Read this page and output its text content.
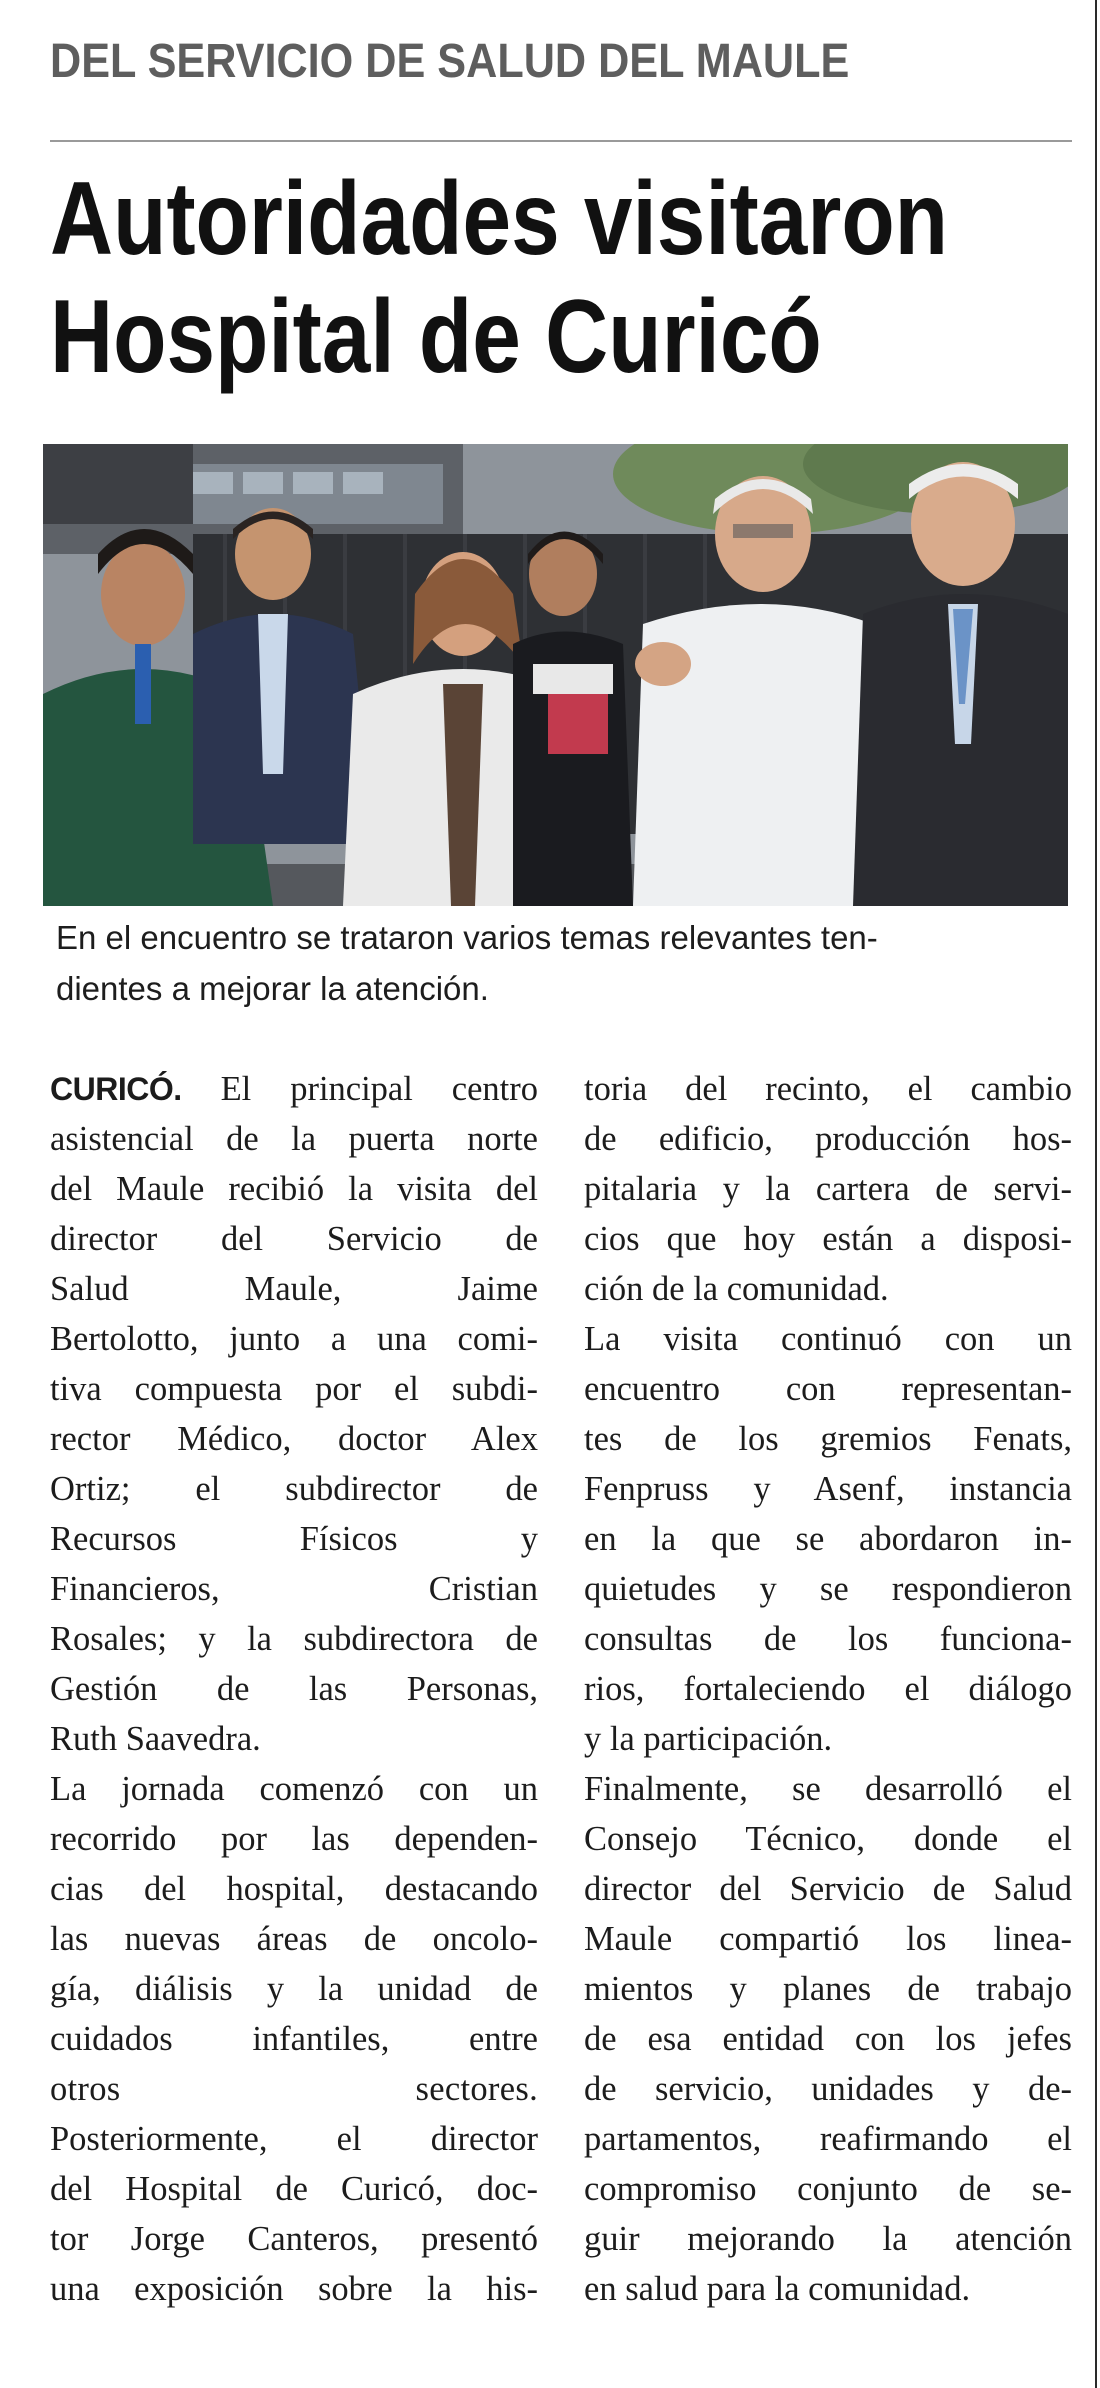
DEL SERVICIO DE SALUD DEL MAULE
Autoridades visitaron
Hospital de Curicó

En el encuentro se trataron varios temas relevantes ten-
dientes a mejorar la atención.

CURICÓ. El principal centro
asistencial de la puerta norte
del Maule recibió la visita del
director del Servicio de
Salud Maule, Jaime
Bertolotto, junto a una comi-
tiva compuesta por el subdi-
rector Médico, doctor Alex
Ortiz; el subdirector de
Recursos Físicos y
Financieros, Cristian
Rosales; y la subdirectora de
Gestión de las Personas,
Ruth Saavedra.

La jornada comenzó con un
recorrido por las dependen-
cias del hospital, destacando
las nuevas áreas de oncolo-
gía, diálisis y la unidad de
cuidados infantiles, entre
otros sectores.
Posteriormente, el director
del Hospital de Curicó, doc-
tor Jorge Canteros, presentó
una exposición sobre la his-

toria del recinto, el cambio
de edificio, producción hos-
pitalaria y la cartera de servi-
cios que hoy están a disposi-
ción de la comunidad.

La visita continuó con un
encuentro con representan-
tes de los gremios Fenats,
Fenpruss y Asenf, instancia
en la que se abordaron in-
quietudes y se respondieron
consultas de los funciona-
rios, fortaleciendo el diálogo
y la participación.

Finalmente, se desarrolló el
Consejo Técnico, donde el
director del Servicio de Salud
Maule compartió los linea-
mientos y planes de trabajo
de esa entidad con los jefes
de servicio, unidades y de-
partamentos, reafirmando el
compromiso conjunto de se-
guir mejorando la atención
en salud para la comunidad.
